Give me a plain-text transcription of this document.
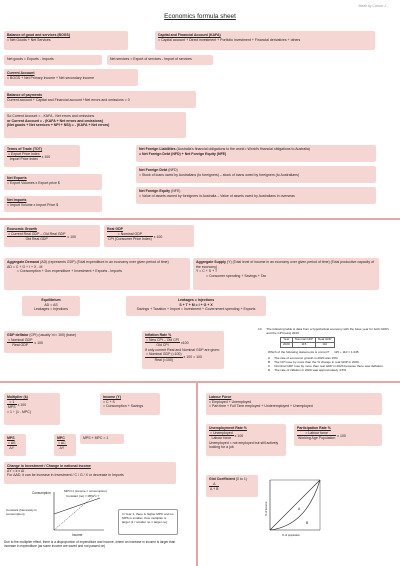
Made by Carson J
Economics formula sheet
Balance of good and services (BOGS)
= Net Goods + Net Services
Net goods = Exports - Imports
Current Account
= BOGS + Net Primary Income + Net secondary Income
Balance of payments
Current account + Capital and Financial account +Net errors and omissions = 0
So Current Account = - KAFA - Net errors and omissions
or Current Account = - (KAFA + Net errors and omissions)
(Net goods + Net services + NPI + NSI) = - (KAFA + Net errors)
Terms of Trade (TOT)
$\frac{\text{= Export Price Index}}{\text{Import Price Index}}$ x 100
Net Exports
= Export Volumes x Export price $
Net Imports
= Import Volume x Import Price $
Capital and Financial Account (KAFA)
= Capital account + Direct investment + Portfolio investment + Financial derivatives + others
Net services = Export of services - Import of services
Net Foreign Liabilities (Australia's financial obligations to the world • World's financial obligations to Australia)
= Net Foreign Debt (NFD) + Net Foreign Equity (NFE)
Net Foreign Debt (NFD)
= Stock of loans owed by Australians (to foreigners) – stock of loans owed by foreigners (to Australians)
Net Foreign Equity (NFE)
= Value of assets owned by foreigners in Australia – Value of assets owed by Australians in overseas
Economic Growth
$\frac{\text{= Current Real GDP – Old Real GDP}}{\text{Old Real GDP}}$ x 100
Real GDP
$\frac{\text{= Nominal GDP}}{\text{CPI (Consumer Price Index)}}$ x 100
Aggregate Demand (AD) (represents GDP) (Total expenditure in an economy over given period of time)
AD = C + G + I + X - M
= Consumption + Gov expenditure + Investment + Exports - Imports
Aggregate Supply (Y) (Total level of income in an economy over given period of time) (Total productive capacity of the economy)
Y = C + S + T
= Consumer spending + Savings + Tax
Equilibrium
AD = AS
Leakages = Injections
Leakages = Injections
S + T + M = I + G + X
Savings + Taxation + Import = Investment + Government spending + Exports
GDP deflator (CPI) (usually 'n/= 100) (base)
$\frac{\text{= Nominal GDP}}{\text{Real GDP}}$ x 100
Inflation Rate %
$\frac{\text{= New CPI – Old CPI}}{\text{Old CPI}} x100$
If only current Real and Nominal GDP are given:
$\frac{\text{= Nominal GDP (=100)}}{\text{Real (=100)}}$ x 100 = 100
10. The following table is data from a hypothetical economy with the base year for both GDPs and the CPI being 2010.
Year	Nominal GDP	Real GDP
2020	115	110
Which of the following statements is correct? 115 ÷ 110 = 1.045
A The rate of economic growth in 2020 was 15%
B The CPI rose by more than the % change in real GDP in 2020.
C Nominal GDP rose by more than real GDP in 2020 because there was deflation.
D The rate of inflation in 2020 was approximately 4.5%
Multiplier (k)
$\frac{= 1}{\text{MPS}}$ x 100
= 1 ÷ (1 - MPC)
Income (Y)
= C + S
= Consumption + Savings
MPS
$\frac{= \Delta S}{\Delta Y}$
MPC
$\frac{= \Delta C}{\Delta Y}$
MPS + MPC = 1
Change in Investment / Change in national income
ΔY = k x ΔI
For ΔAD, it can be increase in Investment / C / G / X or decrease in Imports
Consumption	MPC=1 (income = consumption)
Constant (no) = MPC x Y
Income
Constant (Necessity in consumption)	In Year 1, there is higher MPC and so MPS is smaller, thus multiplier is larger (1 / smaller no = larger no)
Due to the multiplier effect, there is a disproportion of expenditure and income, where an increase in income is larger than increase in expenditure (as some income are saved and not passed on)
Labour Force
= Employed + Unemployed
= Part time + Full Time employed + Underemployed + Unemployed
Unemployment Rate %
$\frac{\text{= Unemployed}}{\text{Labour force}}$ x 100
Unemployed = not employed but still actively looking for a job
Participation Rate %
$\frac{\text{= Labour force}}{\text{Working Age Population}}$ x 100
Gini Coefficient (0 to 1)
$\frac{A}{A + B}$
A
B
% of income
% of population
